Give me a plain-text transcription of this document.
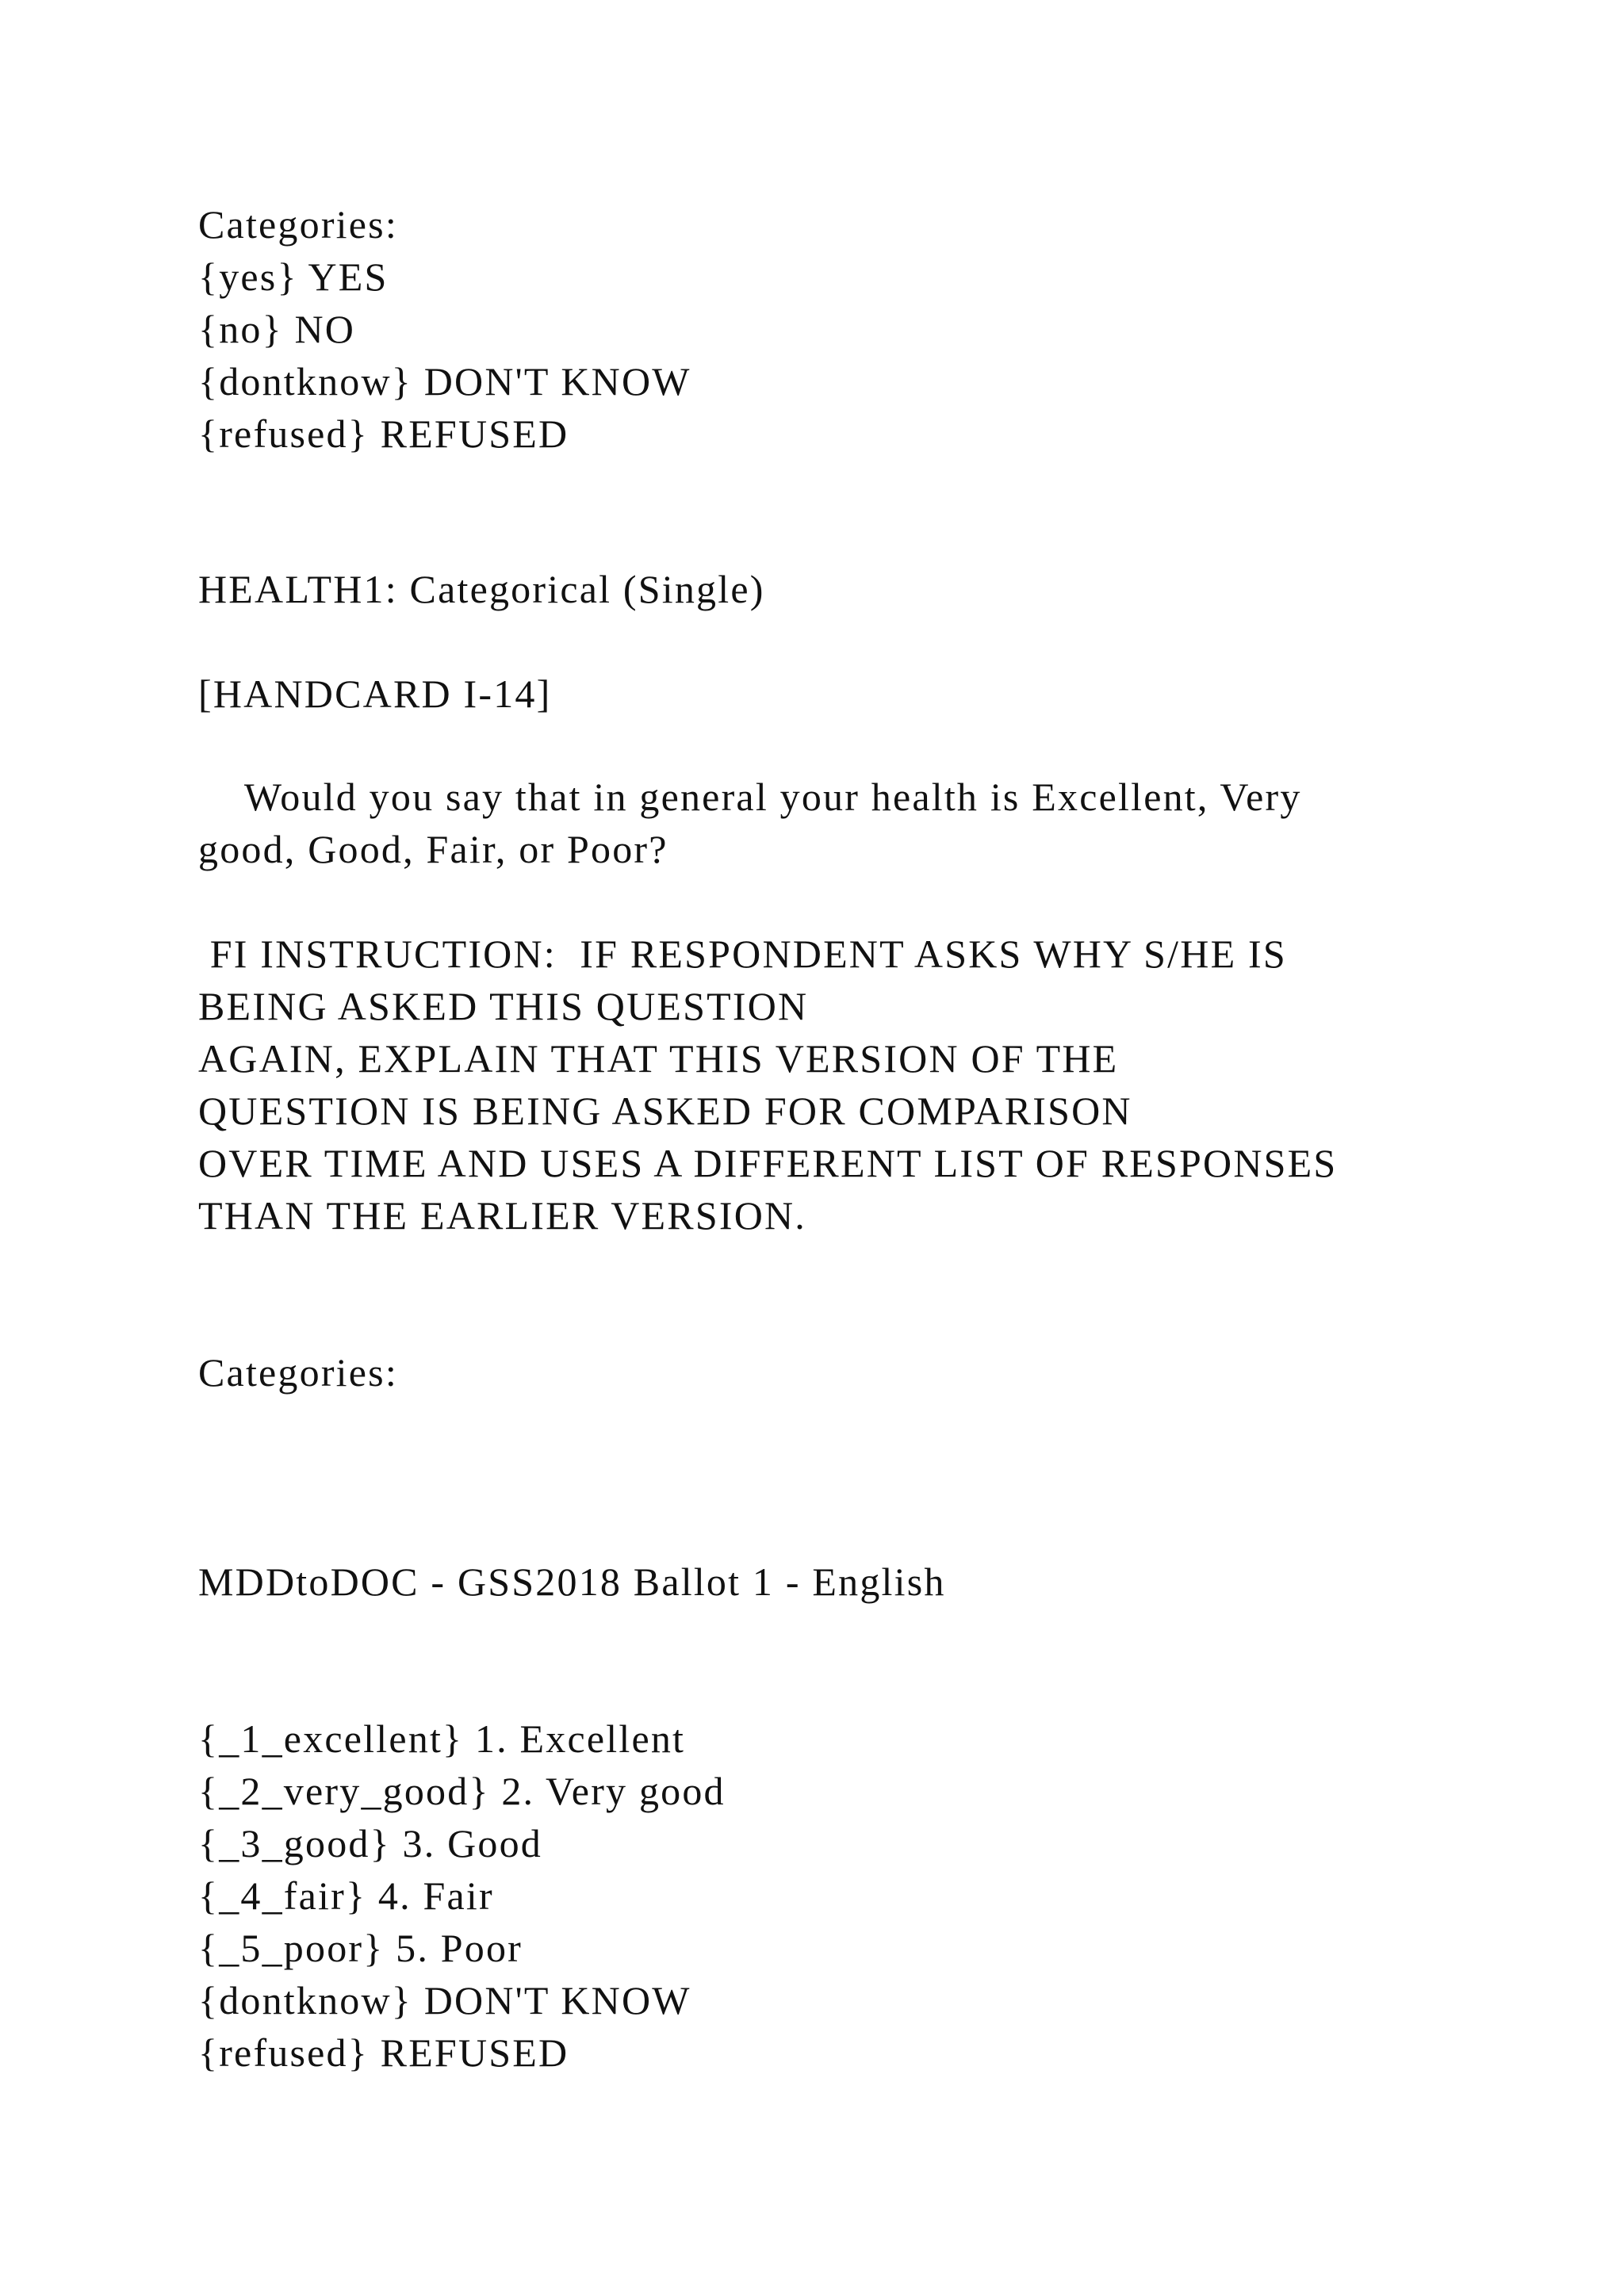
Categories:

{yes} YES

{no} NO

{dontknow} DON'T KNOW

{refused} REFUSED

HEALTH1: Categorical (Single)

[HANDCARD I-14]

Would you say that in general your health is Excellent, Very

good, Good, Fair, or Poor?

FI INSTRUCTION:  IF RESPONDENT ASKS WHY S/HE IS

BEING ASKED THIS QUESTION

AGAIN, EXPLAIN THAT THIS VERSION OF THE

QUESTION IS BEING ASKED FOR COMPARISON

OVER TIME AND USES A DIFFERENT LIST OF RESPONSES

THAN THE EARLIER VERSION.

Categories:

MDDtoDOC - GSS2018 Ballot 1 - English

{_1_excellent} 1. Excellent

{_2_very_good} 2. Very good

{_3_good} 3. Good

{_4_fair} 4. Fair

{_5_poor} 5. Poor

{dontknow} DON'T KNOW

{refused} REFUSED
